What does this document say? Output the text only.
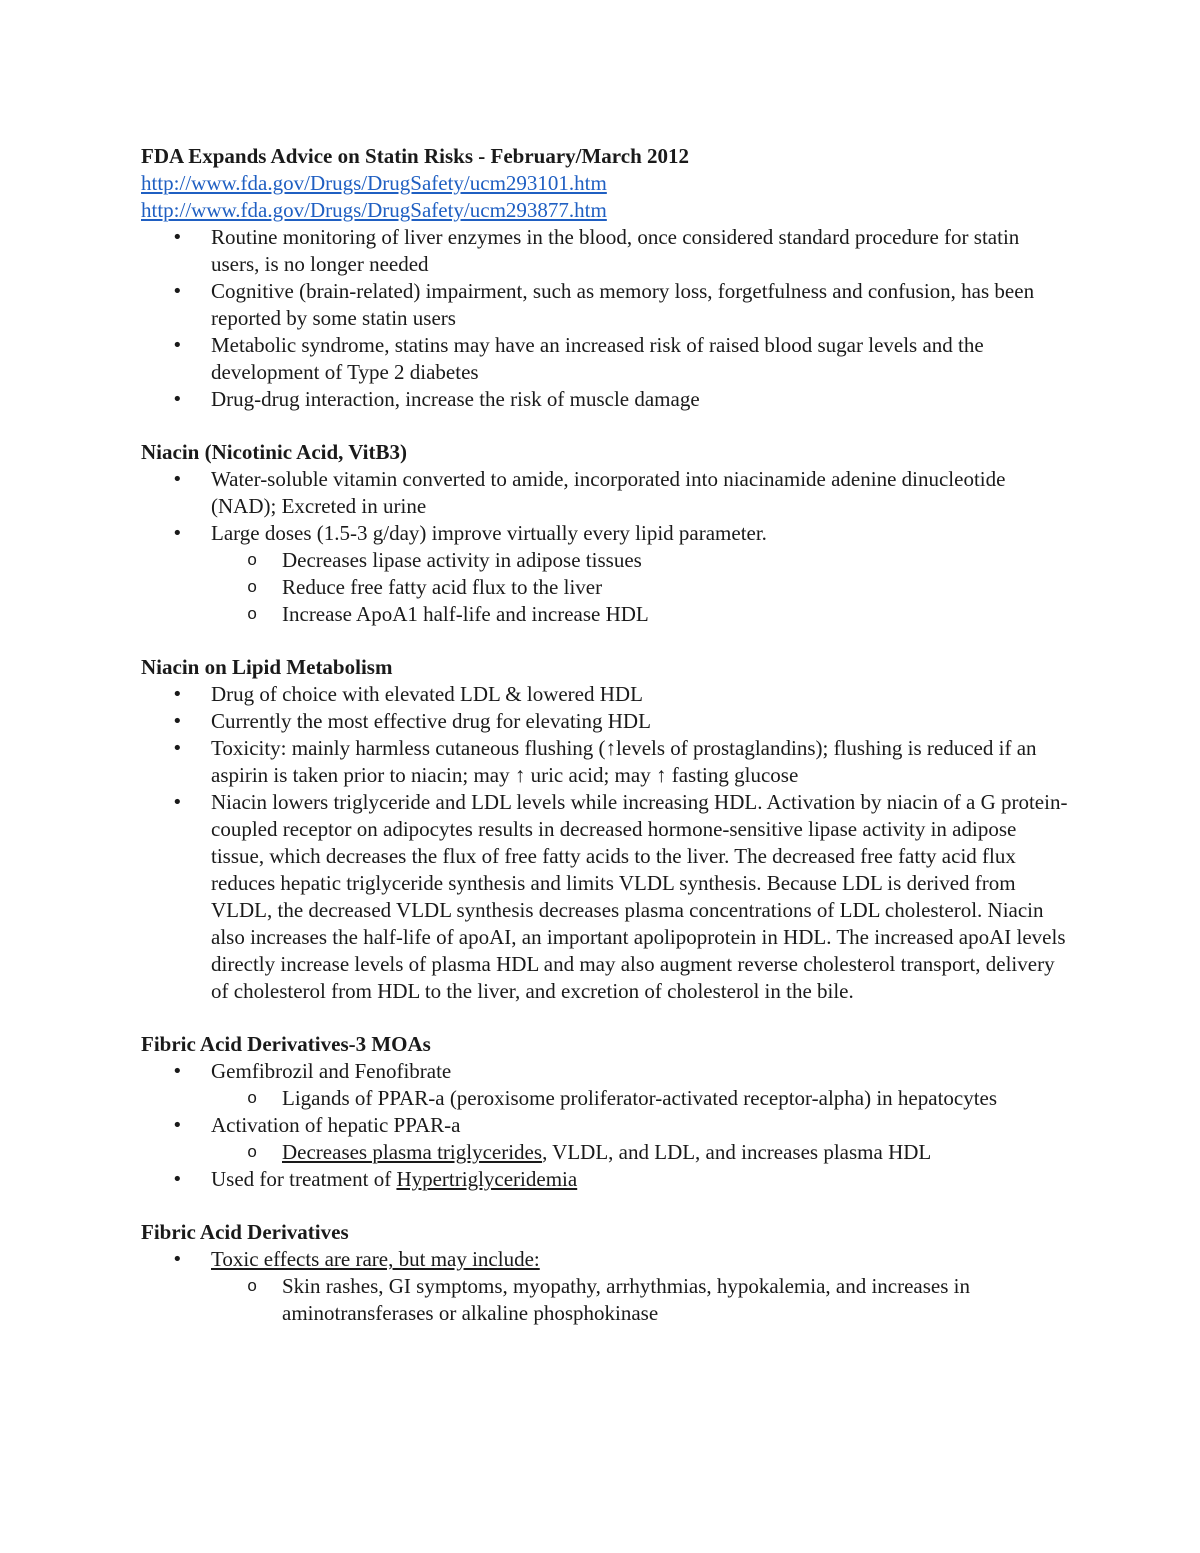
FDA Expands Advice on Statin Risks - February/March 2012

http://www.fda.gov/Drugs/DrugSafety/ucm293101.htm
http://www.fda.gov/Drugs/DrugSafety/ucm293877.htm
• Routine monitoring of liver enzymes in the blood, once considered standard procedure for statin users, is no longer needed
• Cognitive (brain-related) impairment, such as memory loss, forgetfulness and confusion, has been reported by some statin users
• Metabolic syndrome, statins may have an increased risk of raised blood sugar levels and the development of Type 2 diabetes
• Drug-drug interaction, increase the risk of muscle damage

Niacin (Nicotinic Acid, VitB3)

• Water-soluble vitamin converted to amide, incorporated into niacinamide adenine dinucleotide (NAD); Excreted in urine
• Large doses (1.5-3 g/day) improve virtually every lipid parameter.
o Decreases lipase activity in adipose tissues
o Reduce free fatty acid flux to the liver
o Increase ApoA1 half-life and increase HDL

Niacin on Lipid Metabolism

• Drug of choice with elevated LDL & lowered HDL
• Currently the most effective drug for elevating HDL
• Toxicity: mainly harmless cutaneous flushing (↑levels of prostaglandins); flushing is reduced if an aspirin is taken prior to niacin; may ↑ uric acid; may ↑ fasting glucose
• Niacin lowers triglyceride and LDL levels while increasing HDL. Activation by niacin of a G protein-coupled receptor on adipocytes results in decreased hormone-sensitive lipase activity in adipose tissue, which decreases the flux of free fatty acids to the liver. The decreased free fatty acid flux reduces hepatic triglyceride synthesis and limits VLDL synthesis. Because LDL is derived from VLDL, the decreased VLDL synthesis decreases plasma concentrations of LDL cholesterol. Niacin also increases the half-life of apoAI, an important apolipoprotein in HDL. The increased apoAI levels directly increase levels of plasma HDL and may also augment reverse cholesterol transport, delivery of cholesterol from HDL to the liver, and excretion of cholesterol in the bile.

Fibric Acid Derivatives-3 MOAs

• Gemfibrozil and Fenofibrate
o Ligands of PPAR-a (peroxisome proliferator-activated receptor-alpha) in hepatocytes
• Activation of hepatic PPAR-a
o Decreases plasma triglycerides, VLDL, and LDL, and increases plasma HDL
• Used for treatment of Hypertriglyceridemia

Fibric Acid Derivatives

• Toxic effects are rare, but may include:
o Skin rashes, GI symptoms, myopathy, arrhythmias, hypokalemia, and increases in aminotransferases or alkaline phosphokinase
